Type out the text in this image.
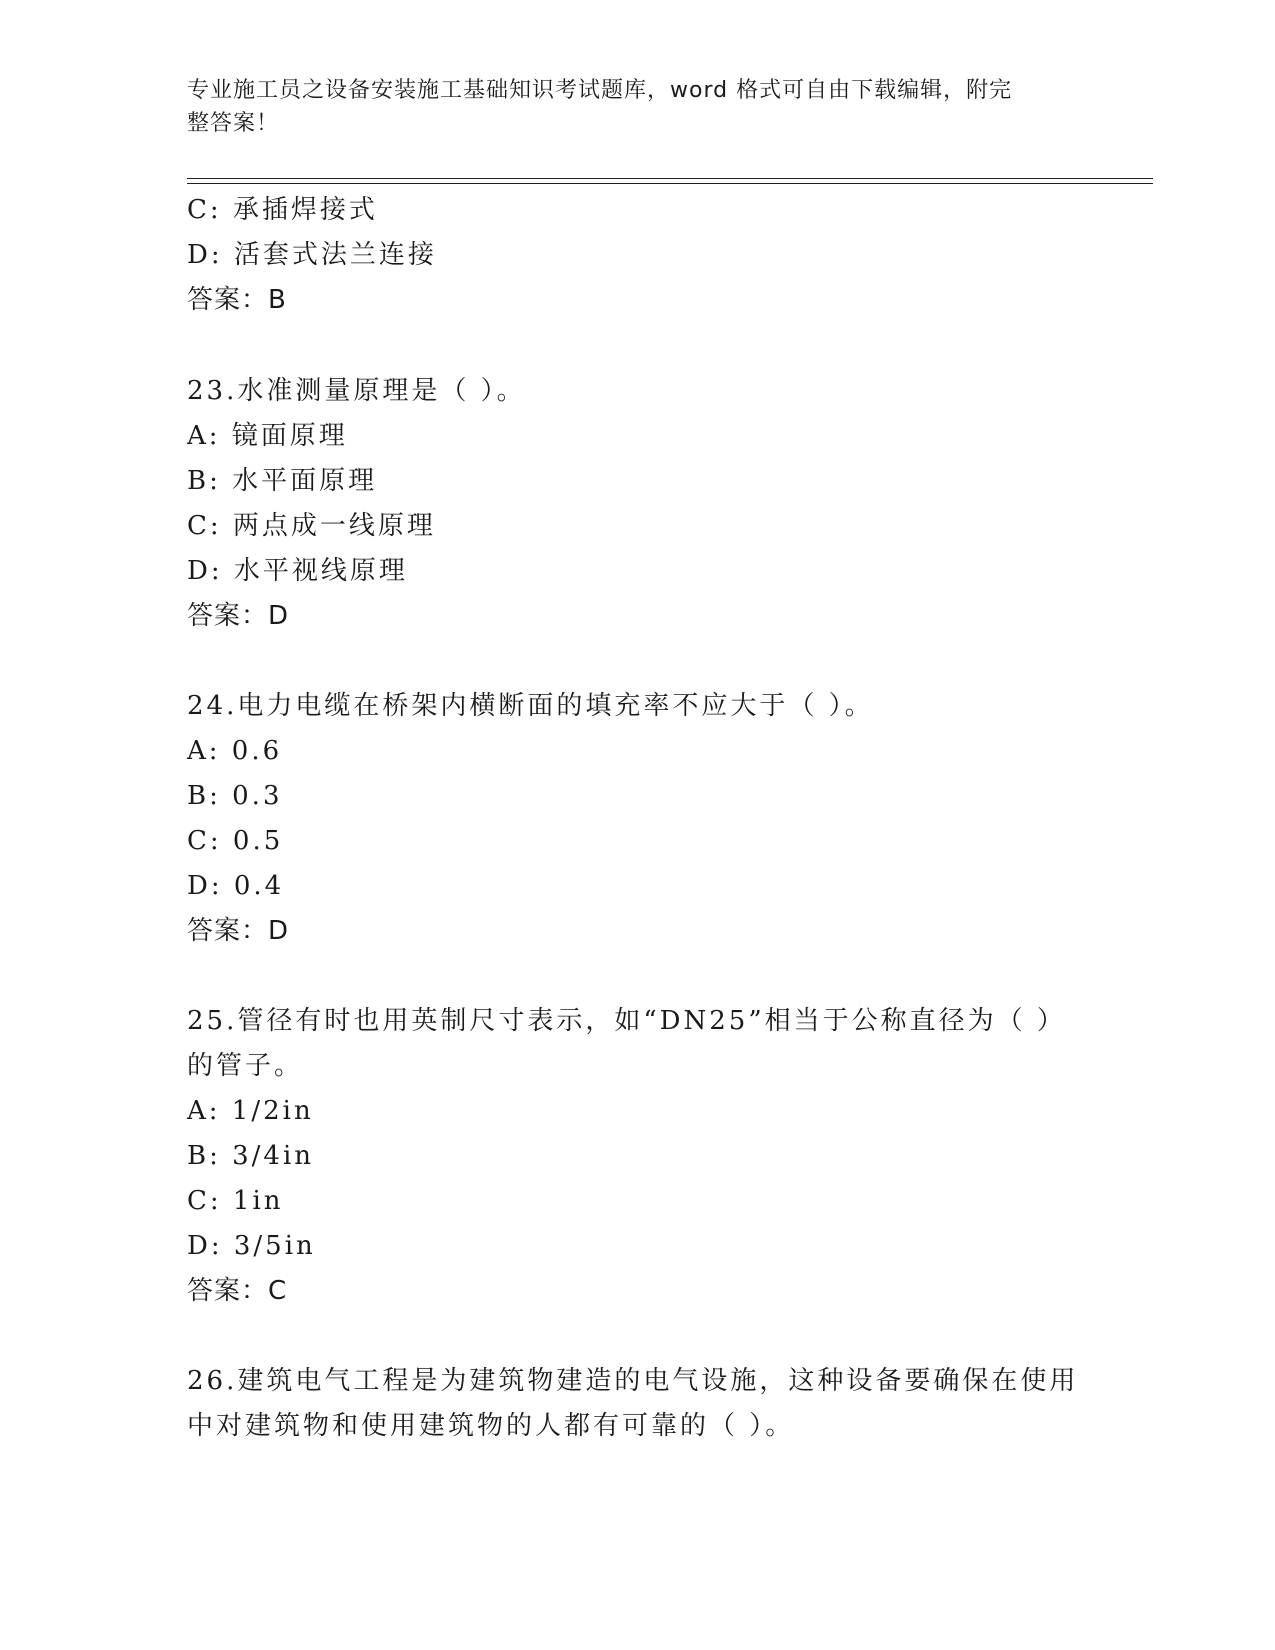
专业施工员之设备安装施工基础知识考试题库，word 格式可自由下载编辑，附完
整答案！
C: 承插焊接式
D: 活套式法兰连接
答案：B
23.水准测量原理是（ ）。
A: 镜面原理
B: 水平面原理
C: 两点成一线原理
D: 水平视线原理
答案：D
24.电力电缆在桥架内横断面的填充率不应大于（ ）。
A: 0.6
B: 0.3
C: 0.5
D: 0.4
答案：D
25.管径有时也用英制尺寸表示，如“DN25”相当于公称直径为（ ）
的管子。
A: 1/2in
B: 3/4in
C: 1in
D: 3/5in
答案：C
26.建筑电气工程是为建筑物建造的电气设施，这种设备要确保在使用
中对建筑物和使用建筑物的人都有可靠的（ ）。
